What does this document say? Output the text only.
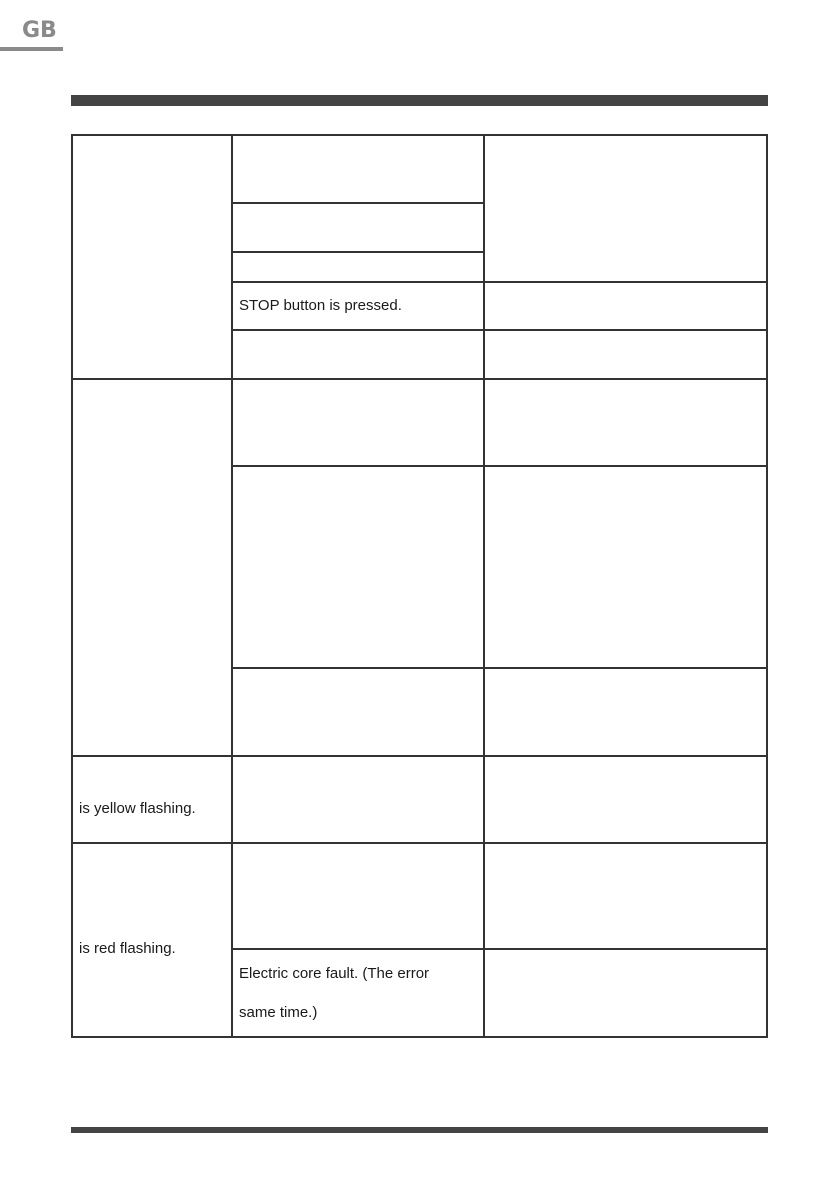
GB
STOP button is pressed.
is yellow flashing.
is red flashing.
Electric core fault. (The error
same time.)
